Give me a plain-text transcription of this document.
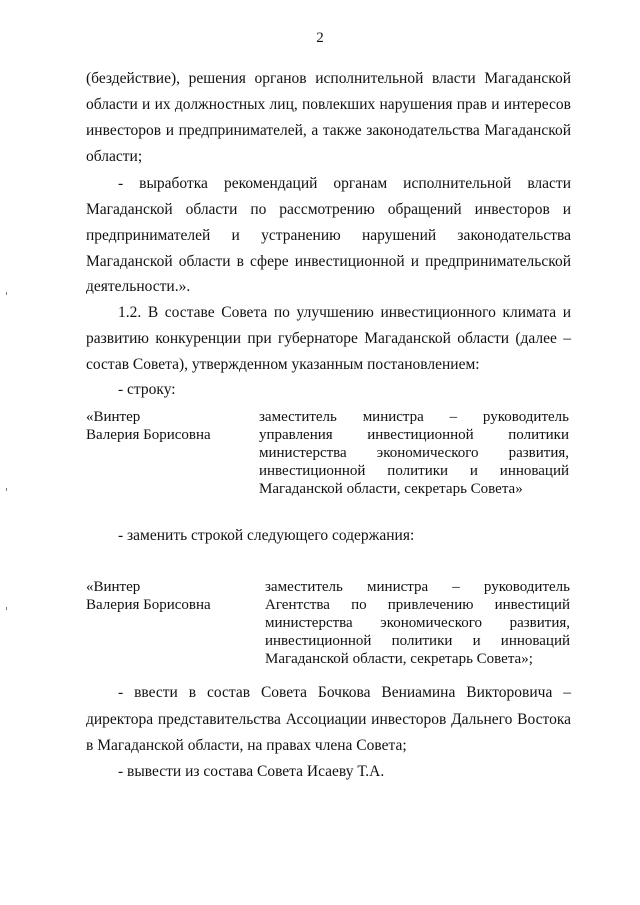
2
(бездействие), решения органов исполнительной власти Магаданской
области и их должностных лиц, повлекших нарушения прав и интересов
инвесторов и предпринимателей, а также законодательства Магаданской
области;
- выработка рекомендаций органам исполнительной власти
Магаданской области по рассмотрению обращений инвесторов и
предпринимателей и устранению нарушений законодательства
Магаданской области в сфере инвестиционной и предпринимательской
деятельности.».
1.2. В составе Совета по улучшению инвестиционного климата и
развитию конкуренции при губернаторе Магаданской области (далее –
состав Совета), утвержденном указанным постановлением:
- строку:
«Винтер
Валерия Борисовна
заместитель министра – руководитель
управления инвестиционной политики
министерства экономического развития,
инвестиционной политики и инноваций
Магаданской области, секретарь Совета»
- заменить строкой следующего содержания:
«Винтер
Валерия Борисовна
заместитель министра – руководитель
Агентства по привлечению инвестиций
министерства экономического развития,
инвестиционной политики и инноваций
Магаданской области, секретарь Совета»;
- ввести в состав Совета Бочкова Вениамина Викторовича –
директора представительства Ассоциации инвесторов Дальнего Востока
в Магаданской области, на правах члена Совета;
- вывести из состава Совета Исаеву Т.А.
